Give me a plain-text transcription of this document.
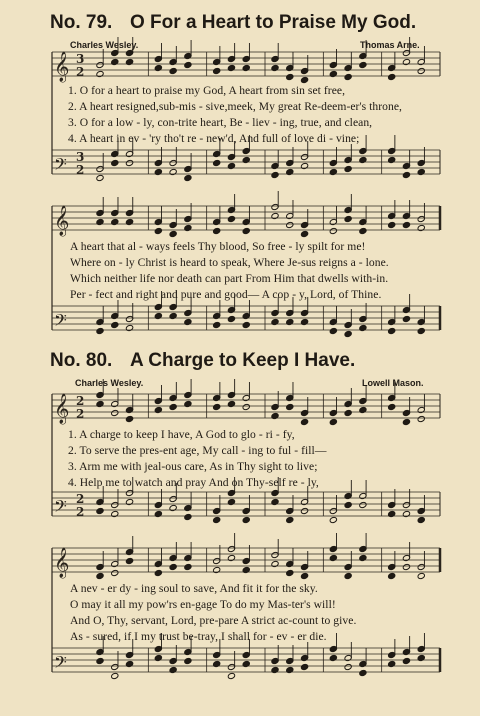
𝄞 3
2
𝄢 3
2
𝄞
𝄢
𝄞 2
2
𝄢 2
2
𝄞
𝄢
No. 79. O For a Heart to Praise My God.
Charles Wesley.	Thomas Arne.
1. O for a heart to praise my God, A heart from sin set free,
2. A heart resigned,sub-mis - sive,meek, My great Re-deem-er's throne,
3. O for a low - ly, con-trite heart, Be - liev - ing, true, and clean,
4. A heart in ev - 'ry tho't re - new'd, And full of love di - vine;
A heart that al - ways feels Thy blood, So free - ly spilt for me!
Where on - ly Christ is heard to speak, Where Je-sus reigns a - lone.
Which neither life nor death can part From Him that dwells with-in.
Per - fect and right and pure and good— A cop - y, Lord, of Thine.
No. 80. A Charge to Keep I Have.
Charles Wesley.	Lowell Mason.
1. A charge to keep I have, A God to glo - ri - fy,
2. To serve the pres-ent age, My call - ing to ful - fill—
3. Arm me with jeal-ous care, As in Thy sight to live;
4. Help me to watch and pray And on Thy-self re - ly,
A nev - er dy - ing soul to save, And fit it for the sky.
O may it all my pow'rs en-gage To do my Mas-ter's will!
And O, Thy, servant, Lord, pre-pare A strict ac-count to give.
As - sured, if I my trust be-tray, I shall for - ev - er die.
